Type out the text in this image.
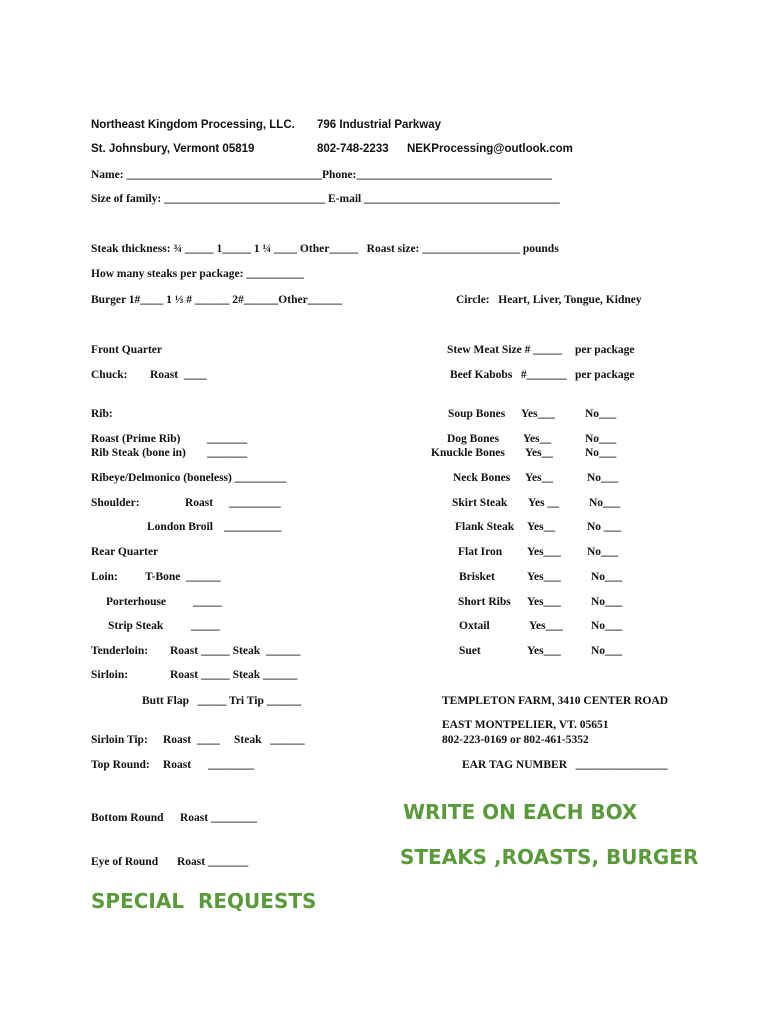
Northeast Kingdom Processing, LLC. 796 Industrial Parkway
St. Johnsbury, Vermont 05819	802-748-2233 NEKProcessing@outlook.com
Name: __________________________________Phone:__________________________________
Size of family: ____________________________ E-mail __________________________________
Steak thickness: ¾ _____ 1_____ 1 ¼ ____ Other_____   Roast size: _________________ pounds
How many steaks per package: __________
Burger 1#____ 1 ⅓ # ______ 2#______Other______	Circle:   Heart, Liver, Tongue, Kidney
Front Quarter
Chuck: Roast  ____
Rib:
Roast (Prime Rib) _______
Rib Steak (bone in) _______
Ribeye/Delmonico (boneless) _________
Shoulder:	Roast _________
London Broil __________
Rear Quarter
Loin: T-Bone  ______
Porterhouse _____
Strip Steak _____
Tenderloin: Roast _____ Steak  ______
Sirloin:	Roast _____ Steak ______
Butt Flap   _____ Tri Tip ______
Sirloin Tip: Roast  ____ Steak   ______
Top Round: Roast ________
Bottom Round Roast ________
Eye of Round Roast _______
Stew Meat Size # _____ per package
Beef Kabobs   #_______ per package
Soup Bones Yes___	No___
Dog Bones Yes__	No___
Knuckle Bones Yes__	No___
Neck Bones Yes__	No___
Skirt Steak Yes __	No___
Flank Steak Yes__	No ___
Flat Iron Yes___ No___
Brisket	Yes___	No___
Short Ribs Yes___	No___
Oxtail	Yes___ No___
Suet	Yes___	No___
TEMPLETON FARM, 3410 CENTER ROAD
EAST MONTPELIER, VT. 05651
802-223-0169 or 802-461-5352
EAR TAG NUMBER   ________________
WRITE ON EACH BOX
STEAKS ,ROASTS, BURGER
SPECIAL  REQUESTS
